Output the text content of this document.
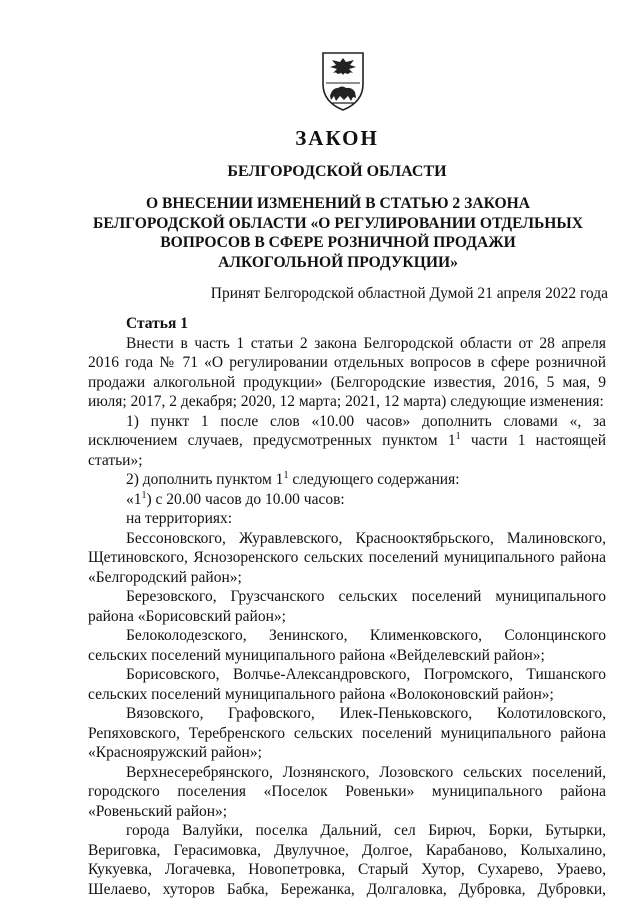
ЗАКОН
БЕЛГОРОДСКОЙ ОБЛАСТИ
О ВНЕСЕНИИ ИЗМЕНЕНИЙ В СТАТЬЮ 2 ЗАКОНА
БЕЛГОРОДСКОЙ ОБЛАСТИ «О РЕГУЛИРОВАНИИ ОТДЕЛЬНЫХ
ВОПРОСОВ В СФЕРЕ РОЗНИЧНОЙ ПРОДАЖИ
АЛКОГОЛЬНОЙ ПРОДУКЦИИ»
Принят Белгородской областной Думой 21 апреля 2022 года
Статья 1

Внести в часть 1 статьи 2 закона Белгородской области от 28 апреля 2016 года № 71 «О регулировании отдельных вопросов в сфере розничной продажи алкогольной продукции» (Белгородские известия, 2016, 5 мая, 9 июля; 2017, 2 декабря; 2020, 12 марта; 2021, 12 марта) следующие изменения:

1) пункт 1 после слов «10.00 часов» дополнить словами «, за исключением случаев, предусмотренных пунктом $1^1$ части 1 настоящей статьи»;

2) дополнить пунктом $1^1$ следующего содержания:

«$1^1$) с 20.00 часов до 10.00 часов:

на территориях:

Бессоновского, Журавлевского, Краснооктябрьского, Малиновского, Щетиновского, Яснозоренского сельских поселений муниципального района «Белгородский район»;

Березовского, Грузсчанского сельских поселений муниципального района «Борисовский район»;

Белоколодезского, Зенинского, Клименковского, Солонцинского сельских поселений муниципального района «Вейделевский район»;

Борисовского, Волчье-Александровского, Погромского, Тишанского сельских поселений муниципального района «Волоконовский район»;

Вязовского, Графовского, Илек-Пеньковского, Колотиловского, Репяховского, Теребренского сельских поселений муниципального района «Краснояружский район»;

Верхнесеребрянского, Лознянского, Лозовского сельских поселений, городского поселения «Поселок Ровеньки» муниципального района «Ровеньский район»;

города Валуйки, поселка Дальний, сел Бирюч, Борки, Бутырки, Вериговка, Герасимовка, Двулучное, Долгое, Карабаново, Колыхалино, Кукуевка, Логачевка, Новопетровка, Старый Хутор, Сухарево, Ураево, Шелаево, хуторов Бабка, Бережанка, Долгаловка, Дубровка, Дубровки,
